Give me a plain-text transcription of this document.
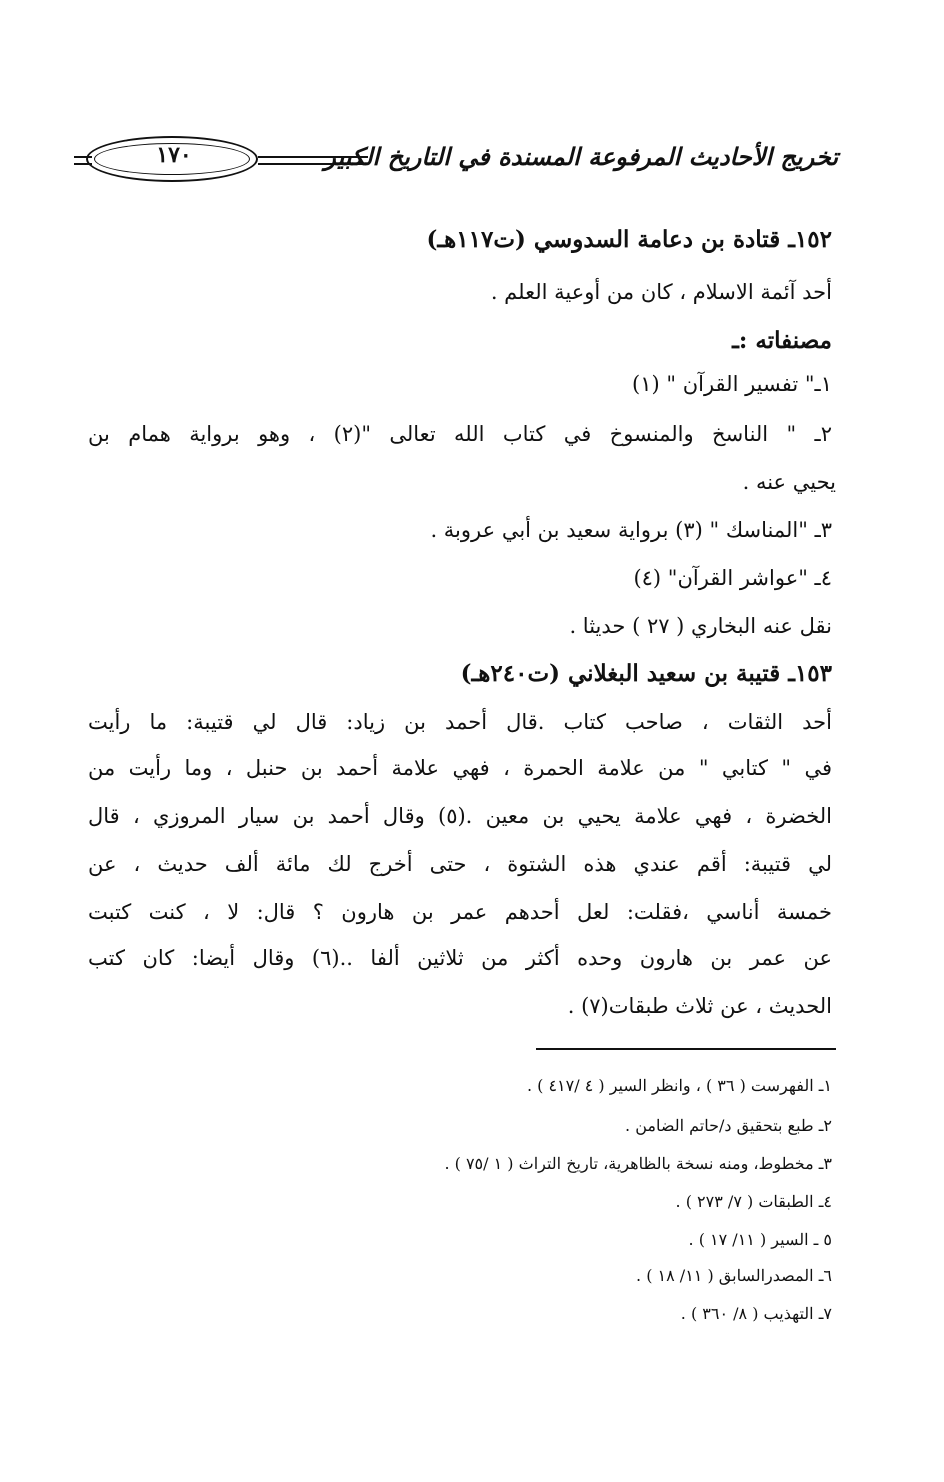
تخريج الأحاديث المرفوعة المسندة في التاريخ الكبير
١٧٠
١٥٢ـ قتادة بن دعامة السدوسي (ت١١٧هـ)
أحد آئمة الاسلام ، كان من أوعية العلم .
مصنفاته :ـ
١ـ" تفسير القرآن " (١)
٢ـ " الناسخ والمنسوخ في كتاب الله تعالى "(٢) ، وهو برواية همام بن
يحيي عنه .
٣ـ "المناسك " (٣) برواية سعيد بن أبي عروبة .
٤ـ "عواشر القرآن" (٤)
نقل عنه البخاري ( ٢٧ ) حديثا .
١٥٣ـ قتيبة بن سعيد البغلاني (ت٢٤٠هـ)
أحد الثقات ، صاحب كتاب .قال أحمد بن زياد: قال لي قتيبة: ما رأيت
في " كتابي " من علامة الحمرة ، فهي علامة أحمد بن حنبل ، وما رأيت من
الخضرة ، فهي علامة يحيي بن معين .(٥) وقال أحمد بن سيار المروزي ، قال
لي قتيبة: أقم عندي هذه الشتوة ، حتى أخرج لك مائة ألف حديث ، عن
خمسة أناسي ،فقلت: لعل أحدهم عمر بن هارون ؟ قال: لا ، كنت كتبت
عن عمر بن هارون وحده أكثر من ثلاثين ألفا ..(٦) وقال أيضا: كان كتب
الحديث ، عن ثلاث طبقات(٧) .
١ـ الفهرست ( ٣٦ ) ، وانظر السير ( ٤ /٤١٧ ) .
٢ـ طبع بتحقيق د/حاتم الضامن .
٣ـ مخطوط، ومنه نسخة بالظاهرية، تاريخ التراث ( ١ /٧٥ ) .
٤ـ الطبقات ( ٧/ ٢٧٣ ) .
٥ ـ السير ( ١١/ ١٧ ) .
٦ـ المصدرالسابق ( ١١/ ١٨ ) .
٧ـ التهذيب ( ٨/ ٣٦٠ ) .
